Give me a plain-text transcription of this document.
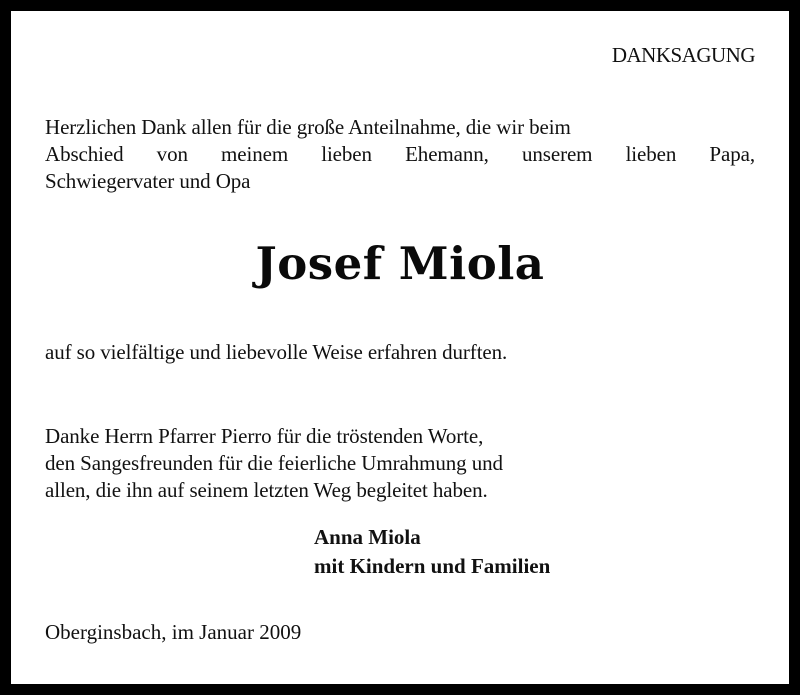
DANKSAGUNG
Herzlichen Dank allen für die große Anteilnahme, die wir beim
Abschied von meinem lieben Ehemann, unserem lieben Papa,
Schwiegervater und Opa
Josef Miola
auf so vielfältige und liebevolle Weise erfahren durften.
Danke Herrn Pfarrer Pierro für die tröstenden Worte,
den Sangesfreunden für die feierliche Umrahmung und
allen, die ihn auf seinem letzten Weg begleitet haben.
Anna Miola
mit Kindern und Familien
Oberginsbach, im Januar 2009
